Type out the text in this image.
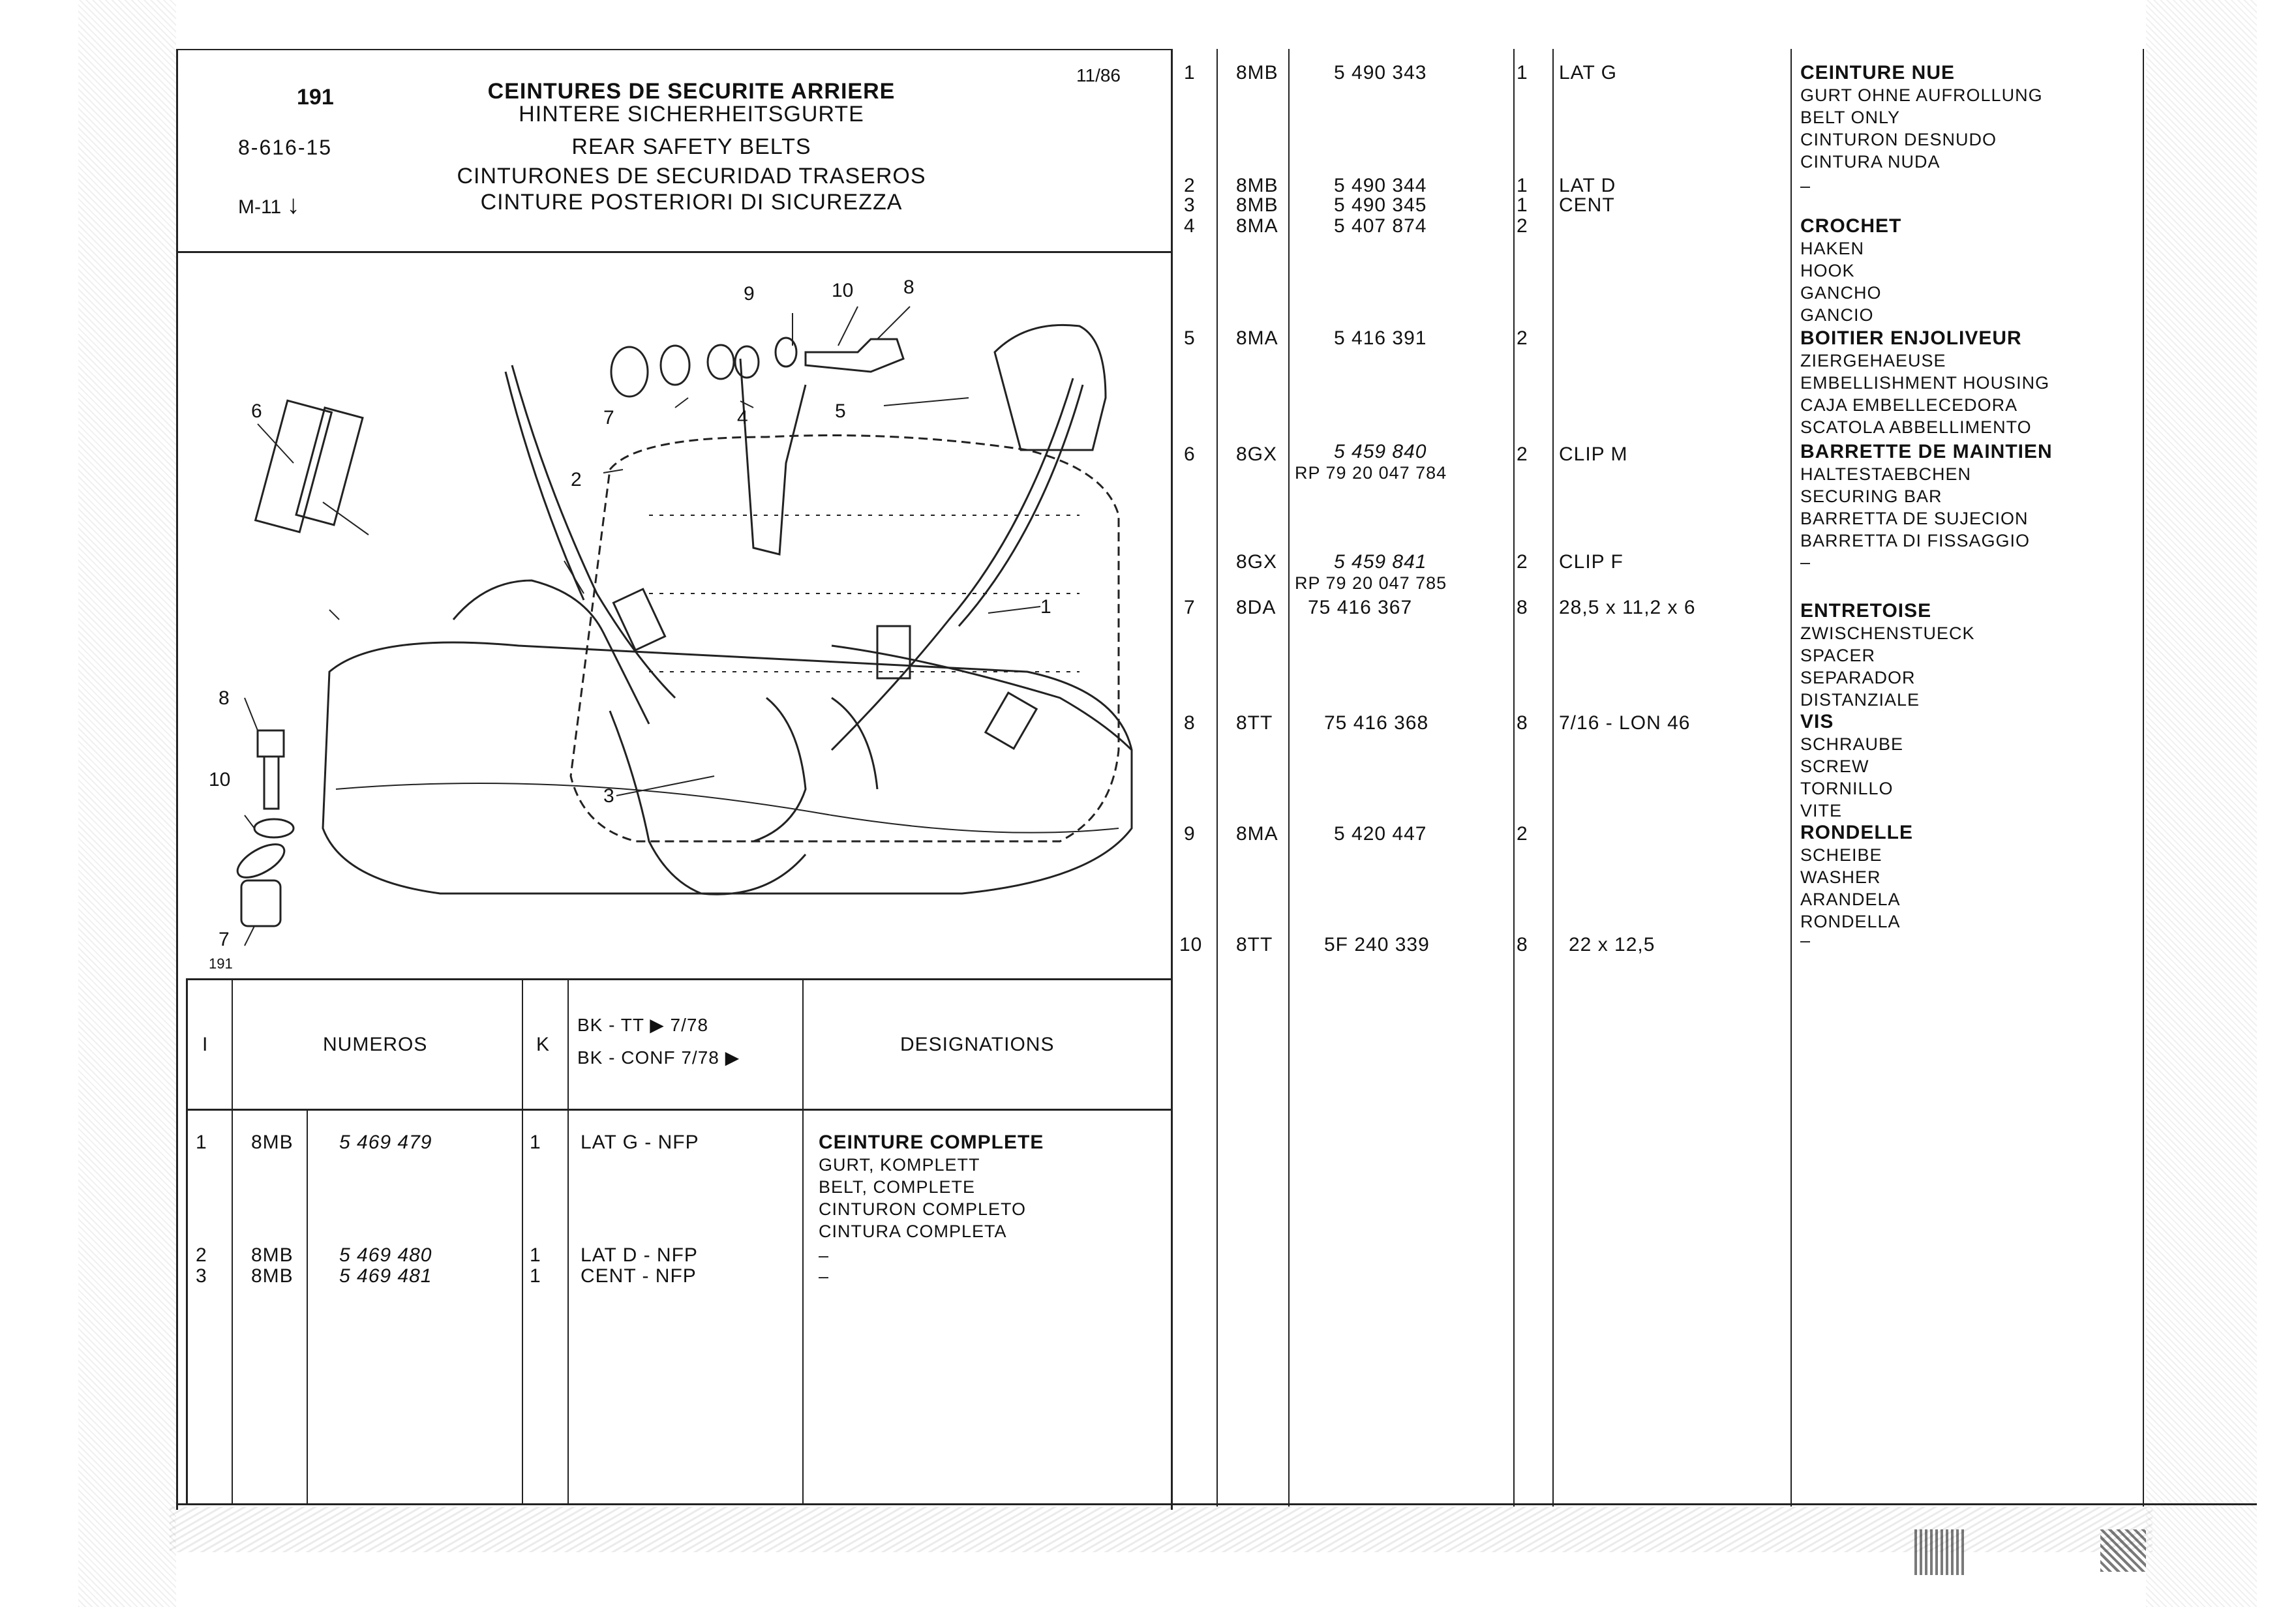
191
8-616-15
M-11 ↓
11/86
CEINTURES DE SECURITE ARRIERE
HINTERE SICHERHEITSGURTE
REAR SAFETY BELTS
CINTURONES DE SECURIDAD TRASEROS
CINTURE POSTERIORI DI SICUREZZA
6
2
7	4	5
9	10	8
1
3
8
10
7
191
I	NUMEROS	K
BK - TT ▶ 7/78
BK - CONF 7/78 ▶
DESIGNATIONS
1 8MB 5 469 479	1 LAT G - NFP	CEINTURE COMPLETE
GURT, KOMPLETT
BELT, COMPLETE
CINTURON COMPLETO
CINTURA COMPLETA
2 8MB 5 469 480	1 LAT D - NFP	–
3 8MB 5 469 481	1 CENT - NFP	–
1 8MB	5 490 343	1 LAT G	CEINTURE NUE
GURT OHNE AUFROLLUNG
BELT ONLY
CINTURON DESNUDO
CINTURA NUDA
2 8MB	5 490 344	1 LAT D	–
3 8MB	5 490 345	1 CENT
4 8MA	5 407 874	2	CROCHET
HAKEN
HOOK
GANCHO
GANCIO
5 8MA	5 416 391	2	BOITIER ENJOLIVEUR
ZIERGEHAEUSE
EMBELLISHMENT HOUSING
CAJA EMBELLECEDORA
SCATOLA ABBELLIMENTO
6 8GX	5 459 840
RP 79 20 047 784
2 CLIP M	BARRETTE DE MAINTIEN
HALTESTAEBCHEN
SECURING BAR
BARRETTA DE SUJECION
BARRETTA DI FISSAGGIO
8GX	5 459 841
RP 79 20 047 785
2 CLIP F	–
7 8DA 75 416 367	8 28,5 x 11,2 x 6	ENTRETOISE
ZWISCHENSTUECK
SPACER
SEPARADOR
DISTANZIALE
8 8TT	75 416 368	8 7/16 - LON 46	VIS
SCHRAUBE
SCREW
TORNILLO
VITE
9 8MA	5 420 447	2	RONDELLE
SCHEIBE
WASHER
ARANDELA
RONDELLA
10 8TT	5F 240 339	8 22 x 12,5	–
